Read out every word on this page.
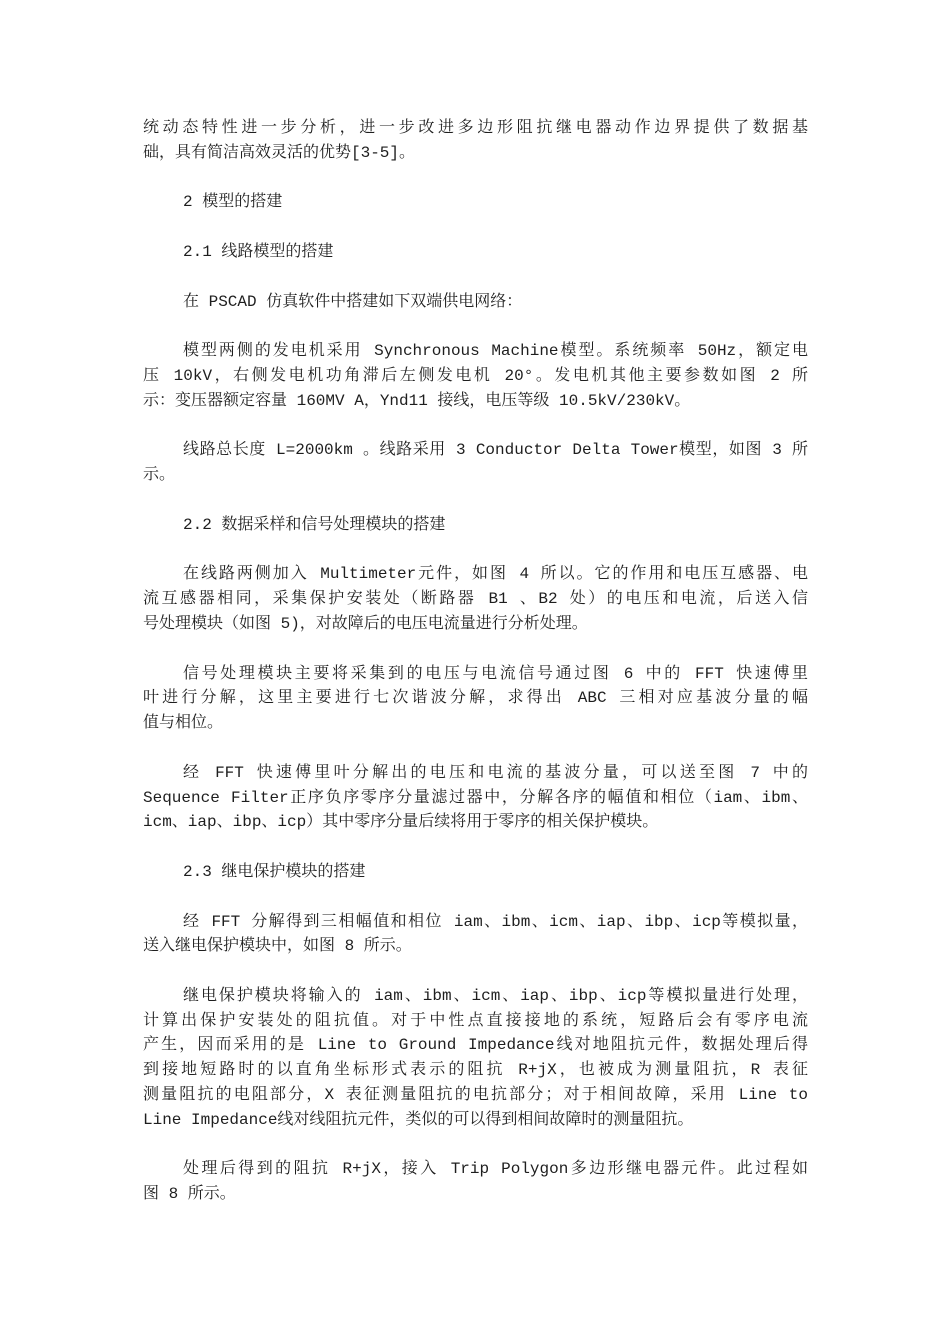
统动态特性进一步分析，进一步改进多边形阻抗继电器动作边界提供了数据基
础，具有简洁高效灵活的优势[3-5]。
2 模型的搭建
2.1 线路模型的搭建
在 PSCAD 仿真软件中搭建如下双端供电网络：
模型两侧的发电机采用 Synchronous Machine模型。系统频率 50Hz，额定电
压 10kV，右侧发电机功角滞后左侧发电机 20°。发电机其他主要参数如图 2 所
示：变压器额定容量 160MV A，Ynd11 接线，电压等级 10.5kV/230kV。
线路总长度 L=2000km 。线路采用 3 Conductor Delta Tower模型，如图 3 所
示。
2.2 数据采样和信号处理模块的搭建
在线路两侧加入 Multimeter元件，如图 4 所以。它的作用和电压互感器、电
流互感器相同，采集保护安装处（断路器 B1 、B2 处）的电压和电流，后送入信
号处理模块（如图 5)，对故障后的电压电流量进行分析处理。
信号处理模块主要将采集到的电压与电流信号通过图 6 中的 FFT 快速傅里
叶进行分解，这里主要进行七次谐波分解，求得出 ABC 三相对应基波分量的幅
值与相位。
经 FFT 快速傅里叶分解出的电压和电流的基波分量，可以送至图 7 中的
Sequence Filter正序负序零序分量滤过器中，分解各序的幅值和相位（iam、ibm、
icm、iap、ibp、icp）其中零序分量后续将用于零序的相关保护模块。
2.3 继电保护模块的搭建
经 FFT 分解得到三相幅值和相位 iam、ibm、icm、iap、ibp、icp等模拟量，
送入继电保护模块中，如图 8 所示。
继电保护模块将输入的 iam、ibm、icm、iap、ibp、icp等模拟量进行处理，
计算出保护安装处的阻抗值。对于中性点直接接地的系统，短路后会有零序电流
产生，因而采用的是 Line to Ground Impedance线对地阻抗元件，数据处理后得
到接地短路时的以直角坐标形式表示的阻抗 R+jX，也被成为测量阻抗，R 表征
测量阻抗的电阻部分，X 表征测量阻抗的电抗部分；对于相间故障，采用 Line to
Line Impedance线对线阻抗元件，类似的可以得到相间故障时的测量阻抗。
处理后得到的阻抗 R+jX，接入 Trip Polygon多边形继电器元件。此过程如
图 8 所示。
